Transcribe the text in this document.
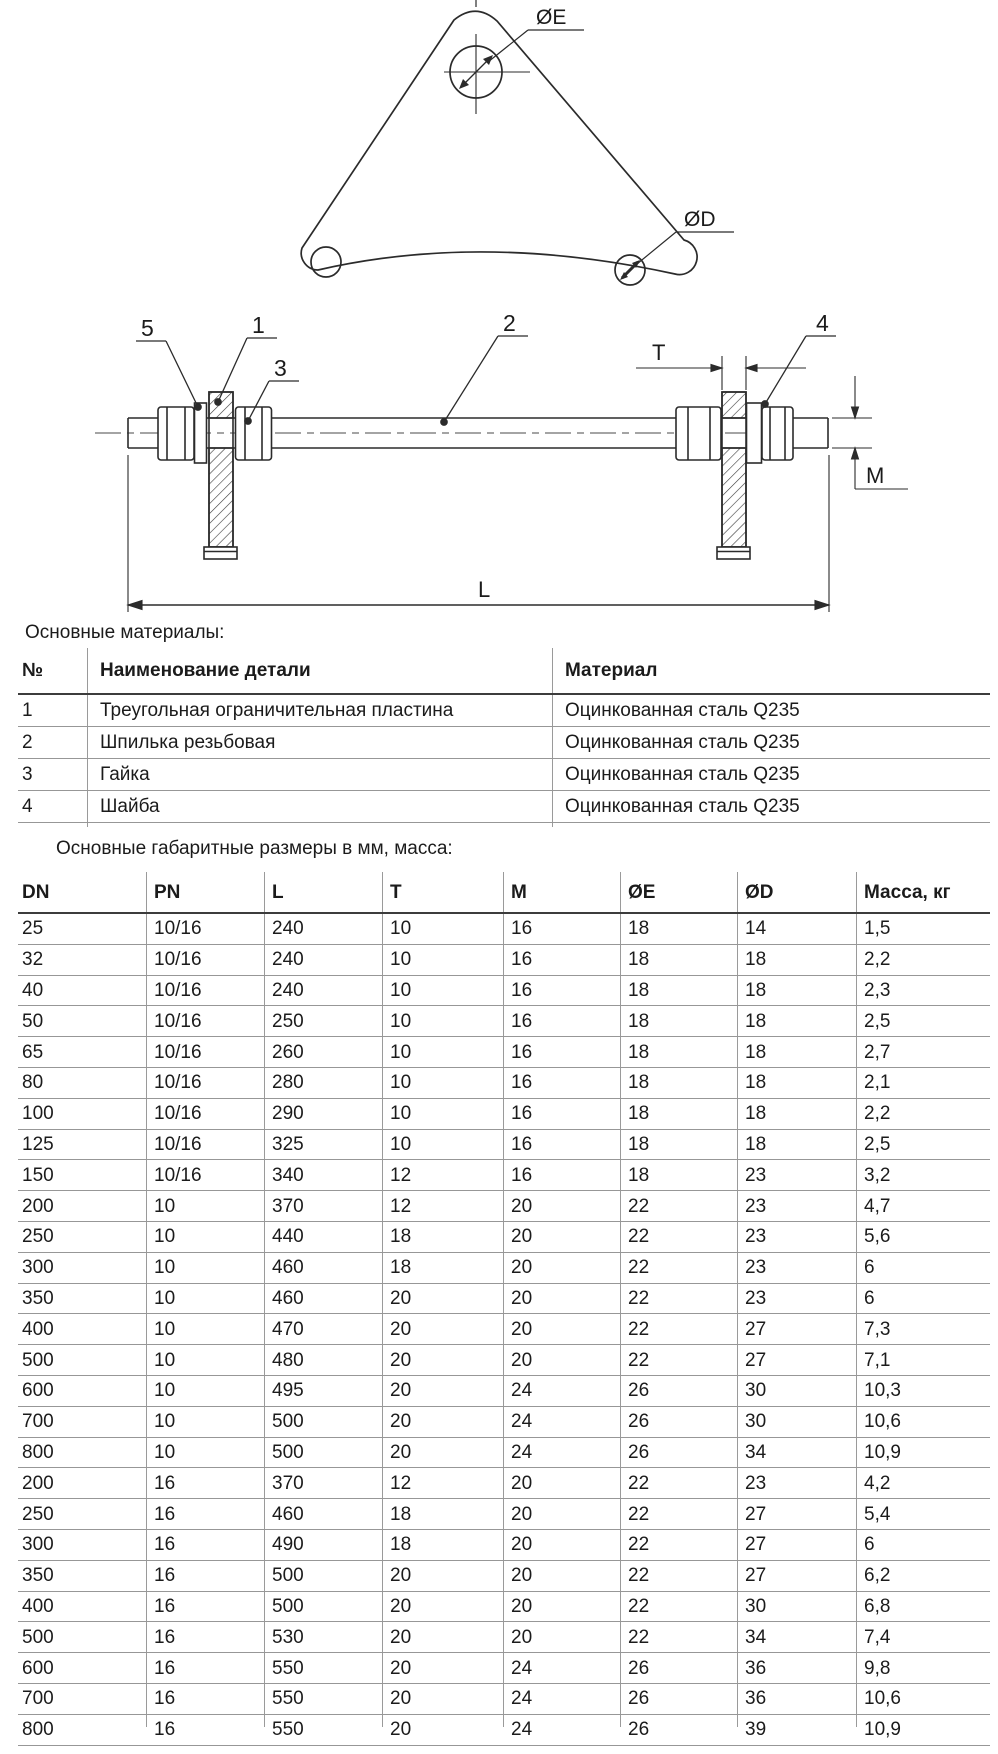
ØE
ØD
5	1
3
2	4
T
M
L
Основные материалы:
Основные габаритные размеры в мм, масса:
№	Наименование детали	Материал
1	Треугольная ограничительная пластина	Оцинкованная сталь Q235
2	Шпилька резьбовая	Оцинкованная сталь Q235
3	Гайка	Оцинкованная сталь Q235
4	Шайба	Оцинкованная сталь Q235
DN	PN	L	T	M	ØE	ØD	Масса, кг
25	10/16	240	10	16	18	14	1,5
32	10/16	240	10	16	18	18	2,2
40	10/16	240	10	16	18	18	2,3
50	10/16	250	10	16	18	18	2,5
65	10/16	260	10	16	18	18	2,7
80	10/16	280	10	16	18	18	2,1
100	10/16	290	10	16	18	18	2,2
125	10/16	325	10	16	18	18	2,5
150	10/16	340	12	16	18	23	3,2
200	10	370	12	20	22	23	4,7
250	10	440	18	20	22	23	5,6
300	10	460	18	20	22	23	6
350	10	460	20	20	22	23	6
400	10	470	20	20	22	27	7,3
500	10	480	20	20	22	27	7,1
600	10	495	20	24	26	30	10,3
700	10	500	20	24	26	30	10,6
800	10	500	20	24	26	34	10,9
200	16	370	12	20	22	23	4,2
250	16	460	18	20	22	27	5,4
300	16	490	18	20	22	27	6
350	16	500	20	20	22	27	6,2
400	16	500	20	20	22	30	6,8
500	16	530	20	20	22	34	7,4
600	16	550	20	24	26	36	9,8
700	16	550	20	24	26	36	10,6
800	16	550	20	24	26	39	10,9
